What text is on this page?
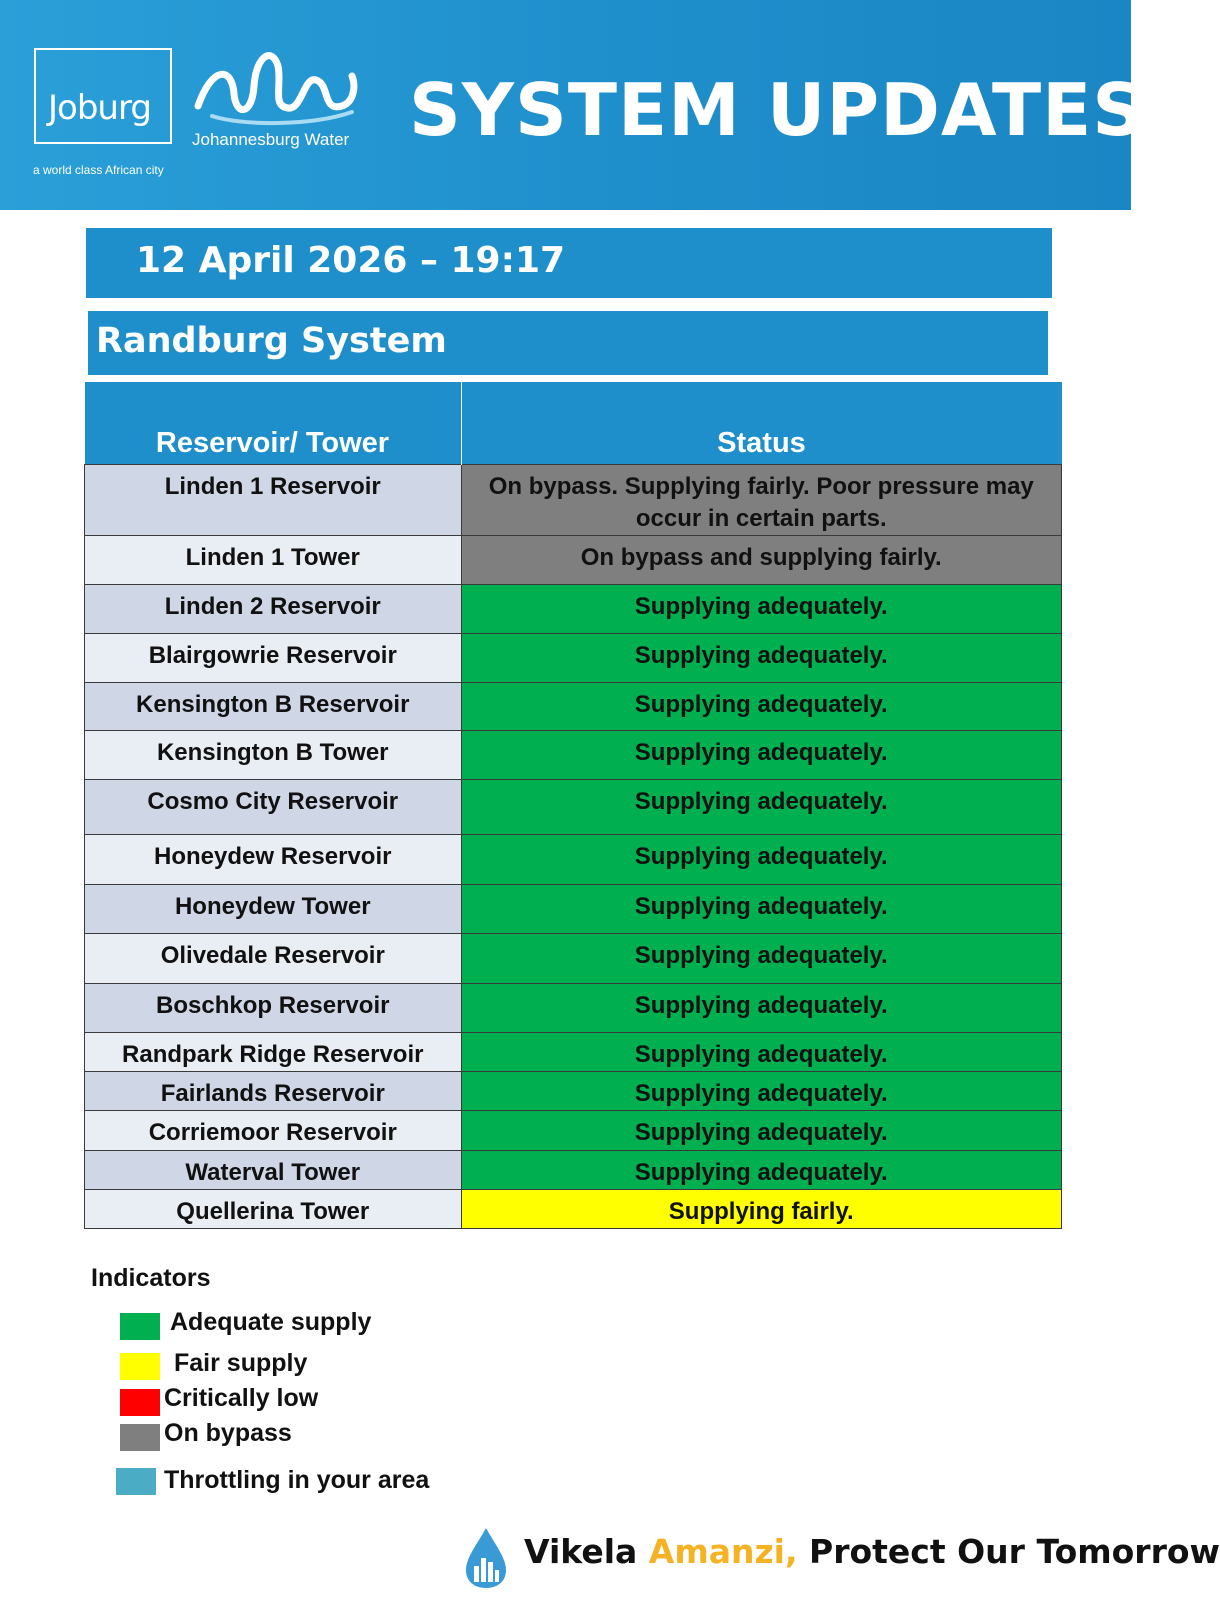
Joburg
a world class African city
Johannesburg Water SYSTEM UPDATES
12 April 2026 – 19:17
Randburg System
Reservoir/ Tower	Status
Linden 1 Reservoir	On bypass. Supplying fairly. Poor pressure may occur in certain parts.
Linden 1 Tower	On bypass and supplying fairly.
Linden 2 Reservoir	Supplying adequately.
Blairgowrie Reservoir	Supplying adequately.
Kensington B Reservoir	Supplying adequately.
Kensington B Tower	Supplying adequately.
Cosmo City Reservoir	Supplying adequately.
Honeydew Reservoir	Supplying adequately.
Honeydew Tower	Supplying adequately.
Olivedale Reservoir	Supplying adequately.
Boschkop Reservoir	Supplying adequately.
Randpark Ridge Reservoir	Supplying adequately.
Fairlands Reservoir	Supplying adequately.
Corriemoor Reservoir	Supplying adequately.
Waterval Tower	Supplying adequately.
Quellerina Tower	Supplying fairly.
Indicators
Adequate supply
Fair supply
Critically low
On bypass
Throttling in your area
Vikela Amanzi, Protect Our Tomorrow
